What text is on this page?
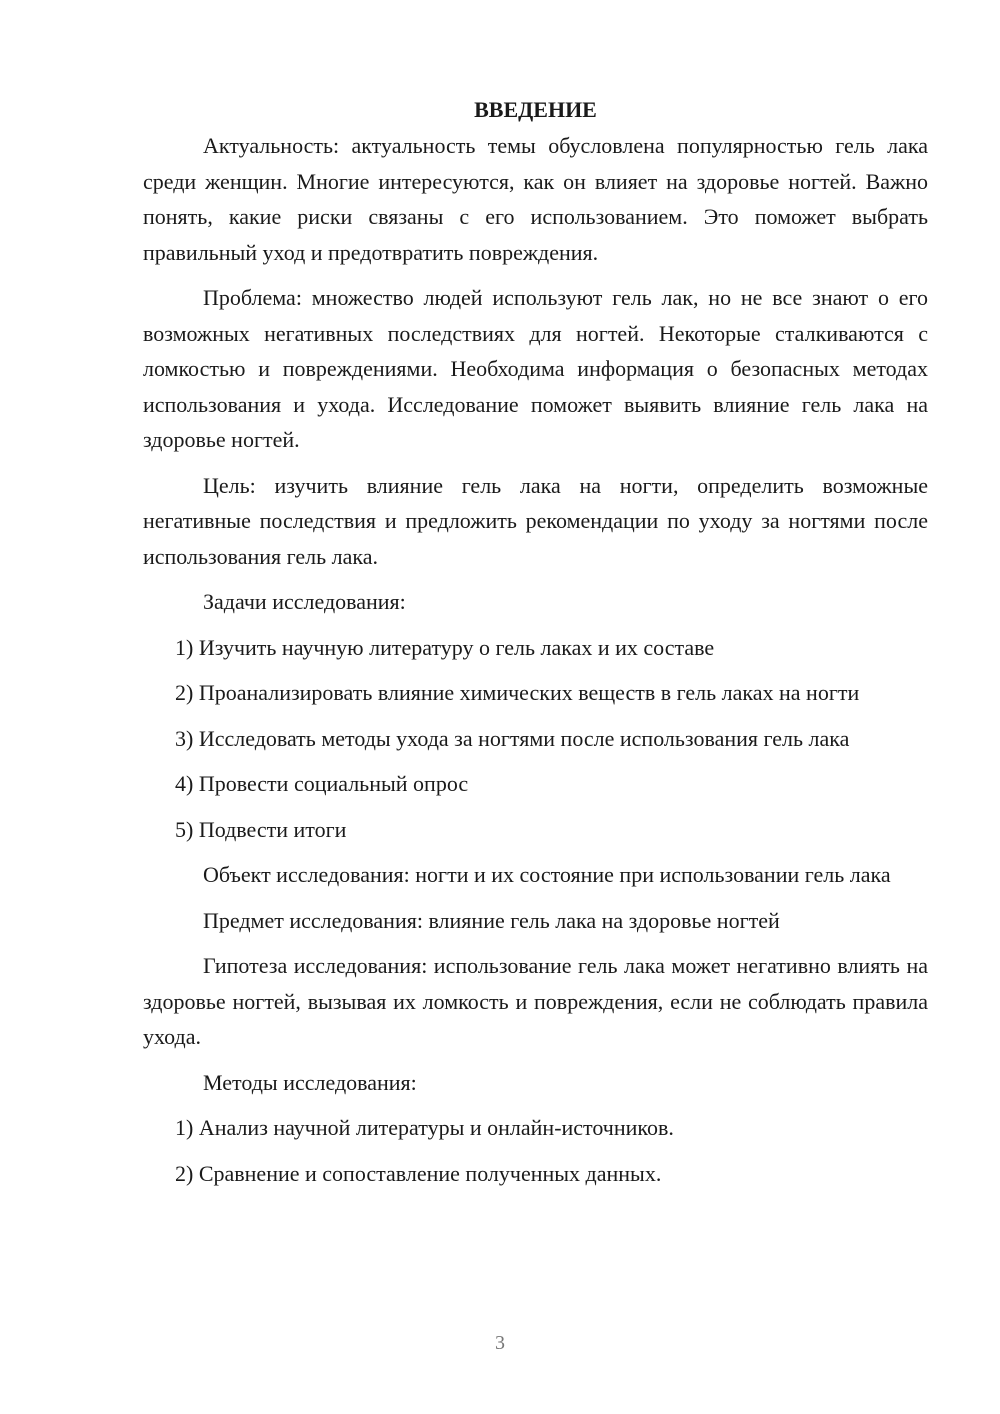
ВВЕДЕНИЕ

Актуальность: актуальность темы обусловлена популярностью гель лака среди женщин. Многие интересуются, как он влияет на здоровье ногтей. Важно понять, какие риски связаны с его использованием. Это поможет выбрать правильный уход и предотвратить повреждения.

Проблема: множество людей используют гель лак, но не все знают о его возможных негативных последствиях для ногтей. Некоторые сталкиваются с ломкостью и повреждениями. Необходима информация о безопасных методах использования и ухода. Исследование поможет выявить влияние гель лака на здоровье ногтей.

Цель: изучить влияние гель лака на ногти, определить возможные негативные последствия и предложить рекомендации по уходу за ногтями после использования гель лака.

Задачи исследования:

1) Изучить научную литературу о гель лаках и их составе

2) Проанализировать влияние химических веществ в гель лаках на ногти

3) Исследовать методы ухода за ногтями после использования гель лака

4) Провести социальный опрос

5) Подвести итоги

Объект исследования: ногти и их состояние при использовании гель лака

Предмет исследования: влияние гель лака на здоровье ногтей

Гипотеза исследования: использование гель лака может негативно влиять на здоровье ногтей, вызывая их ломкость и повреждения, если не соблюдать правила ухода.

Методы исследования:

1) Анализ научной литературы и онлайн-источников.

2) Сравнение и сопоставление полученных данных.

3
